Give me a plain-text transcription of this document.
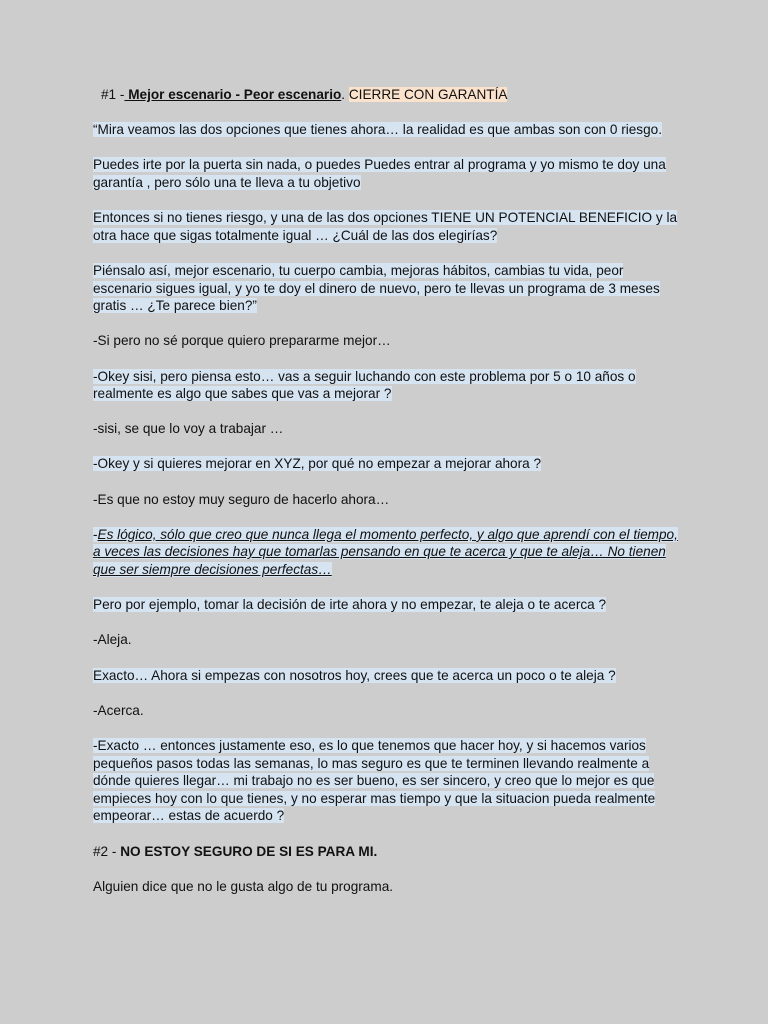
#1 - Mejor escenario - Peor escenario. CIERRE CON GARANTÍA

“Mira veamos las dos opciones que tienes ahora… la realidad es que ambas son con 0 riesgo.

Puedes irte por la puerta sin nada, o puedes Puedes entrar al programa y yo mismo te doy una garantía , pero sólo una te lleva a tu objetivo

Entonces si no tienes riesgo, y una de las dos opciones TIENE UN POTENCIAL BENEFICIO y la otra hace que sigas totalmente igual … ¿Cuál de las dos elegirías?

Piénsalo así, mejor escenario, tu cuerpo cambia, mejoras hábitos, cambias tu vida, peor escenario sigues igual, y yo te doy el dinero de nuevo, pero te llevas un programa de 3 meses gratis … ¿Te parece bien?”

-Si pero no sé porque quiero prepararme mejor…

-Okey sisi, pero piensa esto… vas a seguir luchando con este problema por 5 o 10 años o realmente es algo que sabes que vas a mejorar ?

-sisi, se que lo voy a trabajar …

-Okey y si quieres mejorar en XYZ, por qué no empezar a mejorar ahora ?

-Es que no estoy muy seguro de hacerlo ahora…

-Es lógico, sólo que creo que nunca llega el momento perfecto, y algo que aprendí con el tiempo, a veces las decisiones hay que tomarlas pensando en que te acerca y que te aleja… No tienen que ser siempre decisiones perfectas…

Pero por ejemplo, tomar la decisión de irte ahora y no empezar, te aleja o te acerca ?

-Aleja.

Exacto… Ahora si empezas con nosotros hoy, crees que te acerca un poco o te aleja ?

-Acerca.

-Exacto … entonces justamente eso, es lo que tenemos que hacer hoy, y si hacemos varios pequeños pasos todas las semanas, lo mas seguro es que te terminen llevando realmente a dónde quieres llegar… mi trabajo no es ser bueno, es ser sincero, y creo que lo mejor es que empieces hoy con lo que tienes, y no esperar mas tiempo y que la situacion pueda realmente empeorar… estas de acuerdo ?

#2 - NO ESTOY SEGURO DE SI ES PARA MI.

Alguien dice que no le gusta algo de tu programa.
